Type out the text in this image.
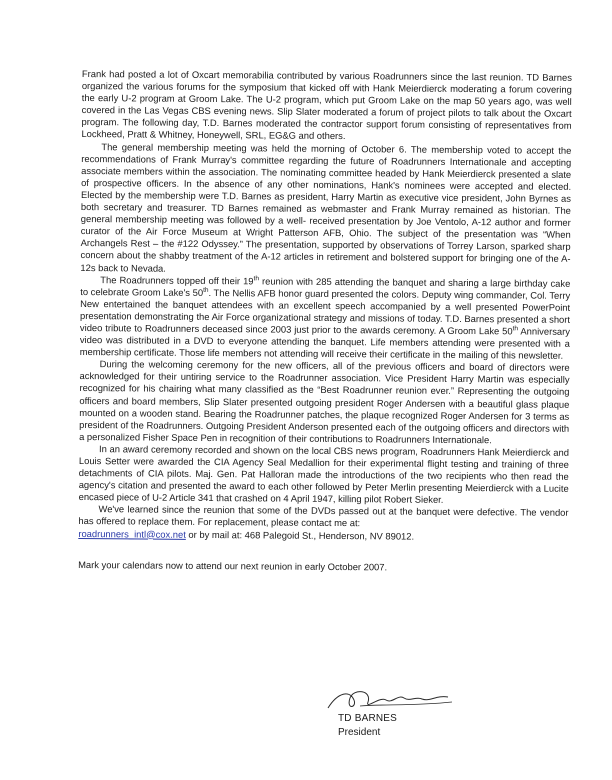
Frank had posted a lot of Oxcart memorabilia contributed by various Roadrunners since the last reunion. TD Barnes organized the various forums for the symposium that kicked off with Hank Meierdierck moderating a forum covering the early U-2 program at Groom Lake. The U-2 program, which put Groom Lake on the map 50 years ago, was well covered in the Las Vegas CBS evening news. Slip Slater moderated a forum of project pilots to talk about the Oxcart program. The following day, T.D. Barnes moderated the contractor support forum consisting of representatives from Lockheed, Pratt & Whitney, Honeywell, SRL, EG&G and others.

The general membership meeting was held the morning of October 6. The membership voted to accept the recommendations of Frank Murray's committee regarding the future of Roadrunners Internationale and accepting associate members within the association. The nominating committee headed by Hank Meierdierck presented a slate of prospective officers. In the absence of any other nominations, Hank's nominees were accepted and elected. Elected by the membership were T.D. Barnes as president, Harry Martin as executive vice president, John Byrnes as both secretary and treasurer. TD Barnes remained as webmaster and Frank Murray remained as historian. The general membership meeting was followed by a well- received presentation by Joe Ventolo, A-12 author and former curator of the Air Force Museum at Wright Patterson AFB, Ohio. The subject of the presentation was “When Archangels Rest – the #122 Odyssey.” The presentation, supported by observations of Torrey Larson, sparked sharp concern about the shabby treatment of the A-12 articles in retirement and bolstered support for bringing one of the A-12s back to Nevada.

The Roadrunners topped off their 19th reunion with 285 attending the banquet and sharing a large birthday cake to celebrate Groom Lake's 50th. The Nellis AFB honor guard presented the colors. Deputy wing commander, Col. Terry New entertained the banquet attendees with an excellent speech accompanied by a well presented PowerPoint presentation demonstrating the Air Force organizational strategy and missions of today. T.D. Barnes presented a short video tribute to Roadrunners deceased since 2003 just prior to the awards ceremony. A Groom Lake 50th Anniversary video was distributed in a DVD to everyone attending the banquet. Life members attending were presented with a membership certificate. Those life members not attending will receive their certificate in the mailing of this newsletter.

During the welcoming ceremony for the new officers, all of the previous officers and board of directors were acknowledged for their untiring service to the Roadrunner association. Vice President Harry Martin was especially recognized for his chairing what many classified as the “Best Roadrunner reunion ever.” Representing the outgoing officers and board members, Slip Slater presented outgoing president Roger Andersen with a beautiful glass plaque mounted on a wooden stand. Bearing the Roadrunner patches, the plaque recognized Roger Andersen for 3 terms as president of the Roadrunners. Outgoing President Anderson presented each of the outgoing officers and directors with a personalized Fisher Space Pen in recognition of their contributions to Roadrunners Internationale.

In an award ceremony recorded and shown on the local CBS news program, Roadrunners Hank Meierdierck and Louis Setter were awarded the CIA Agency Seal Medallion for their experimental flight testing and training of three detachments of CIA pilots. Maj. Gen. Pat Halloran made the introductions of the two recipients who then read the agency's citation and presented the award to each other followed by Peter Merlin presenting Meierdierck with a Lucite encased piece of U-2 Article 341 that crashed on 4 April 1947, killing pilot Robert Sieker.

We've learned since the reunion that some of the DVDs passed out at the banquet were defective. The vendor has offered to replace them. For replacement, please contact me at:

roadrunners_intl@cox.net or by mail at: 468 Palegoid St., Henderson, NV 89012.

Mark your calendars now to attend our next reunion in early October 2007.

TD BARNES
President
